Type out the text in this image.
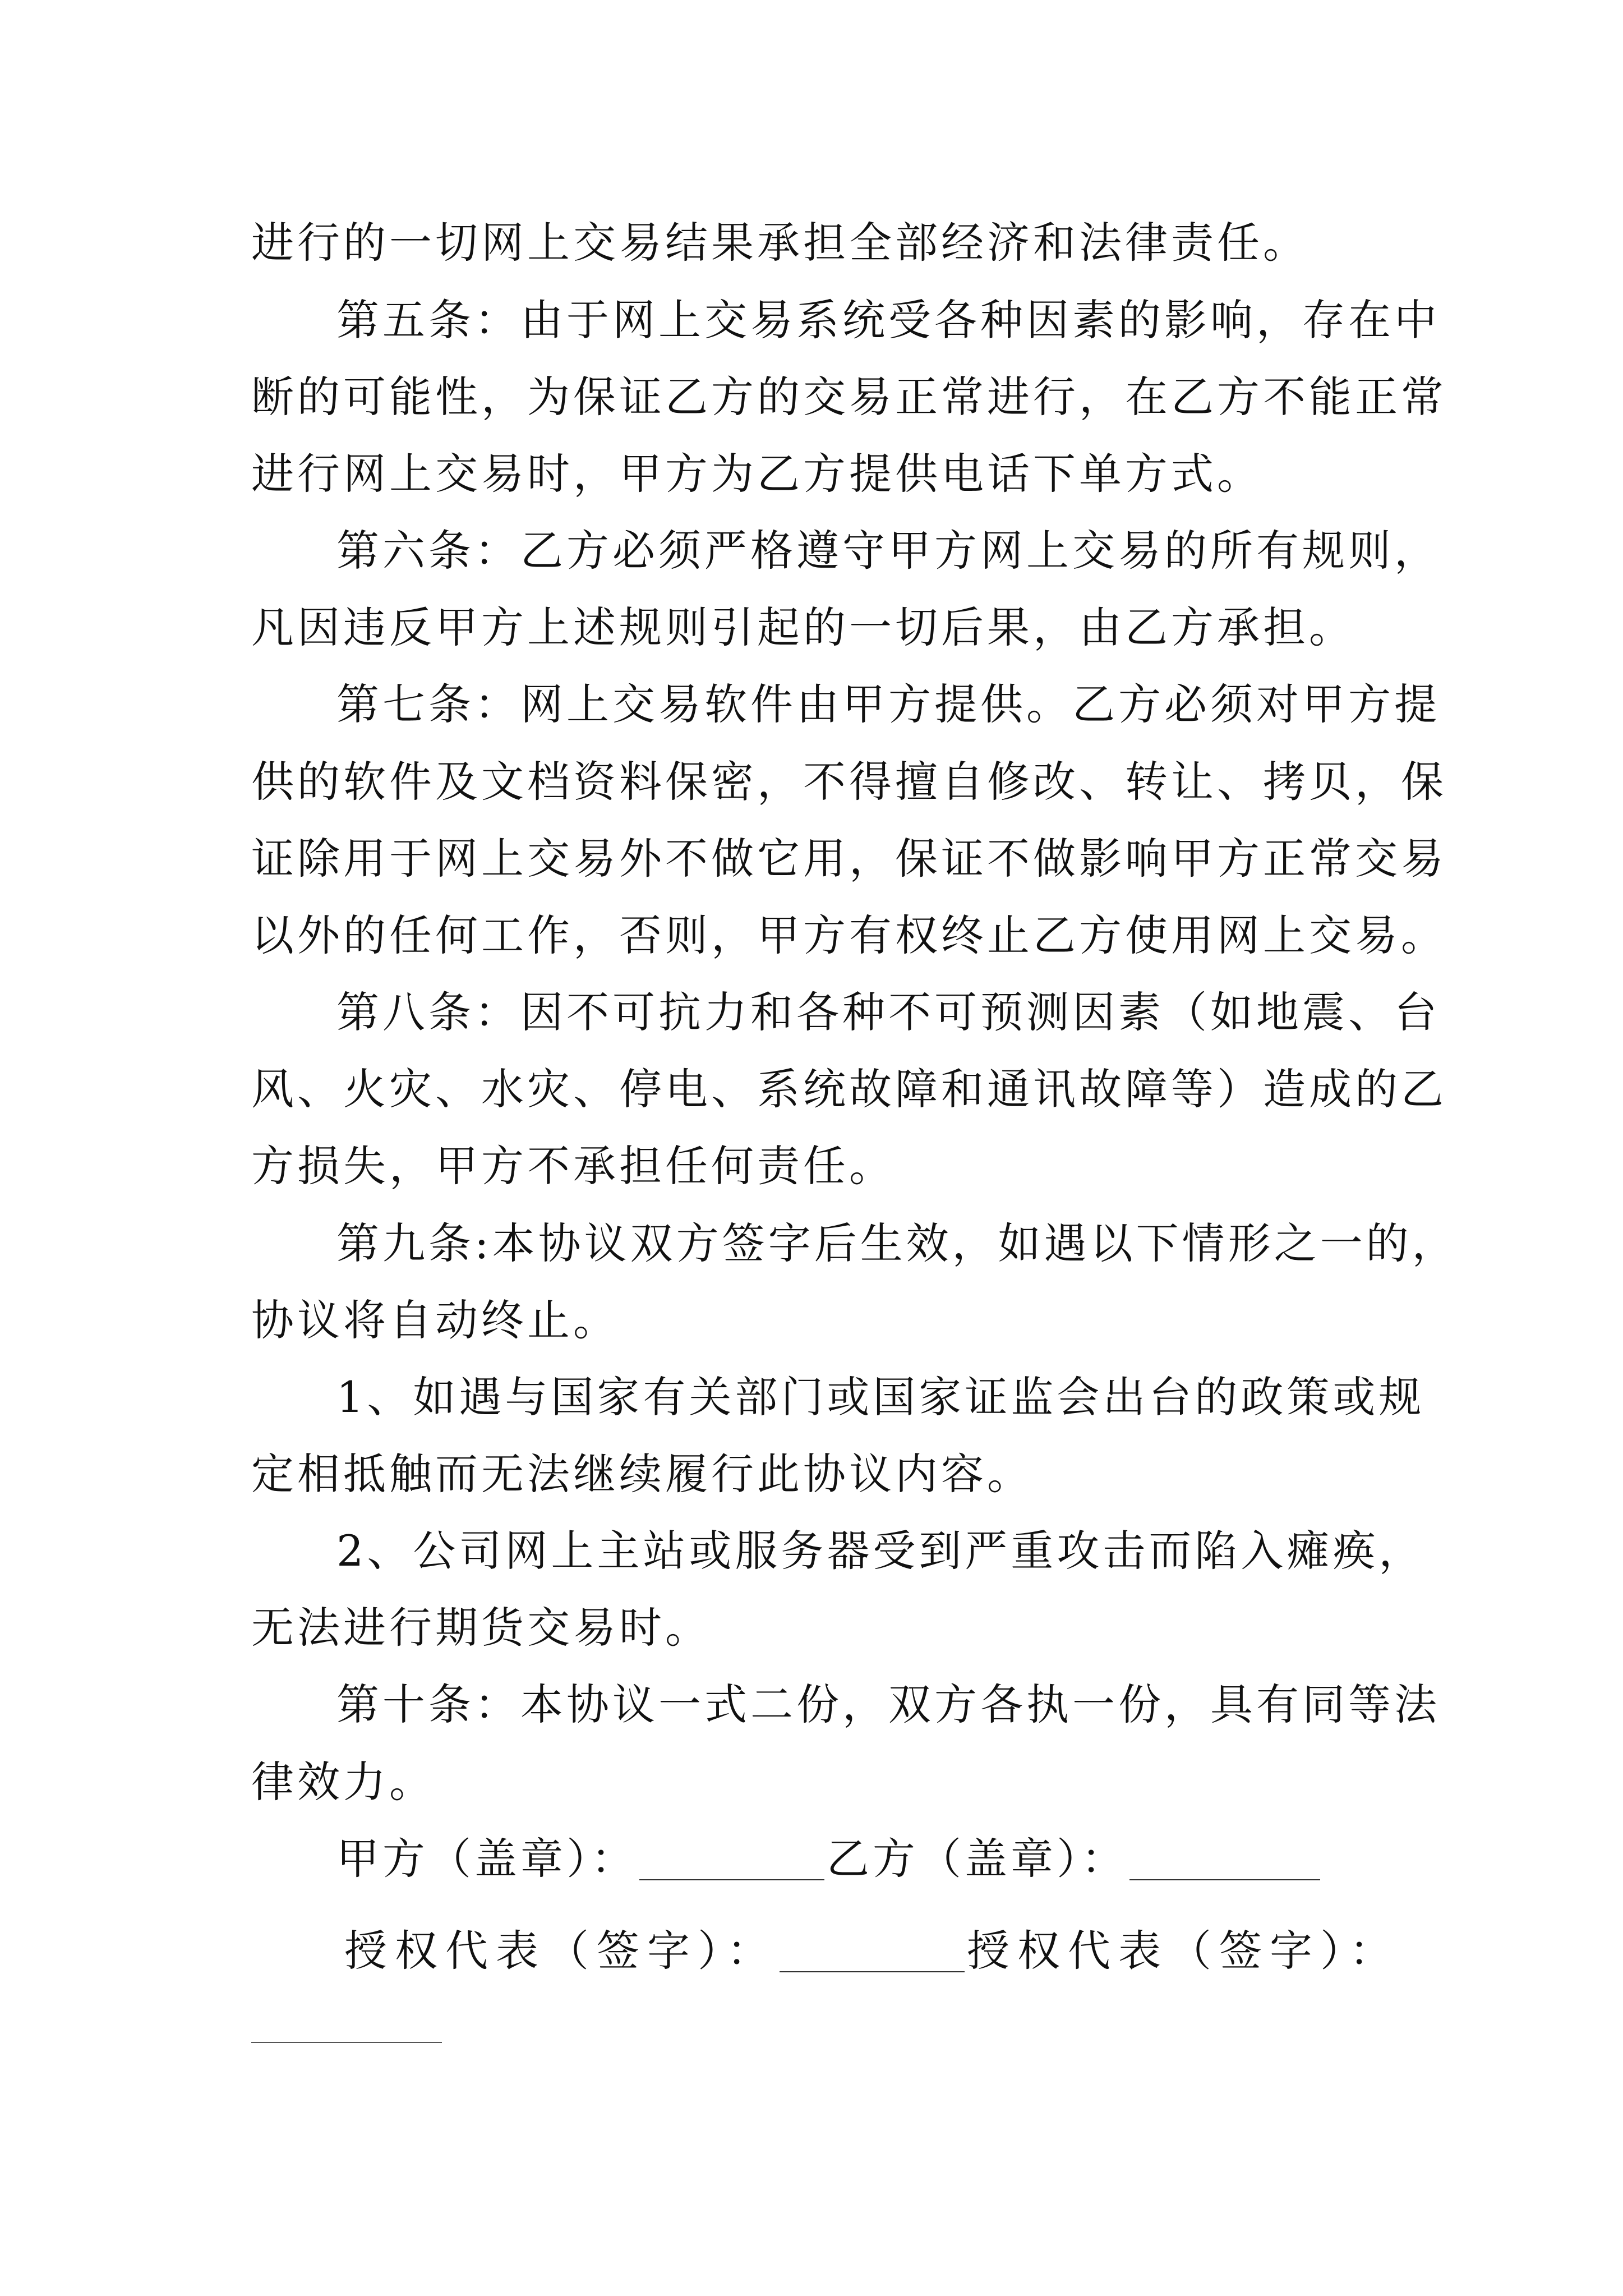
进行的一切网上交易结果承担全部经济和法律责任。
第五条：由于网上交易系统受各种因素的影响，存在中
断的可能性，为保证乙方的交易正常进行，在乙方不能正常
进行网上交易时，甲方为乙方提供电话下单方式。
第六条：乙方必须严格遵守甲方网上交易的所有规则，
凡因违反甲方上述规则引起的一切后果，由乙方承担。
第七条：网上交易软件由甲方提供。乙方必须对甲方提
供的软件及文档资料保密，不得擅自修改、转让、拷贝，保
证除用于网上交易外不做它用，保证不做影响甲方正常交易
以外的任何工作，否则，甲方有权终止乙方使用网上交易。
第八条：因不可抗力和各种不可预测因素（如地震、台
风、火灾、水灾、停电、系统故障和通讯故障等）造成的乙
方损失，甲方不承担任何责任。
第九条:本协议双方签字后生效，如遇以下情形之一的，
协议将自动终止。
1、如遇与国家有关部门或国家证监会出台的政策或规
定相抵触而无法继续履行此协议内容。
2、公司网上主站或服务器受到严重攻击而陷入瘫痪，
无法进行期货交易时。
第十条：本协议一式二份，双方各执一份，具有同等法
律效力。
甲方（盖章）：	乙方（盖章）：
授权代表（签字）：	授权代表（签字）：
